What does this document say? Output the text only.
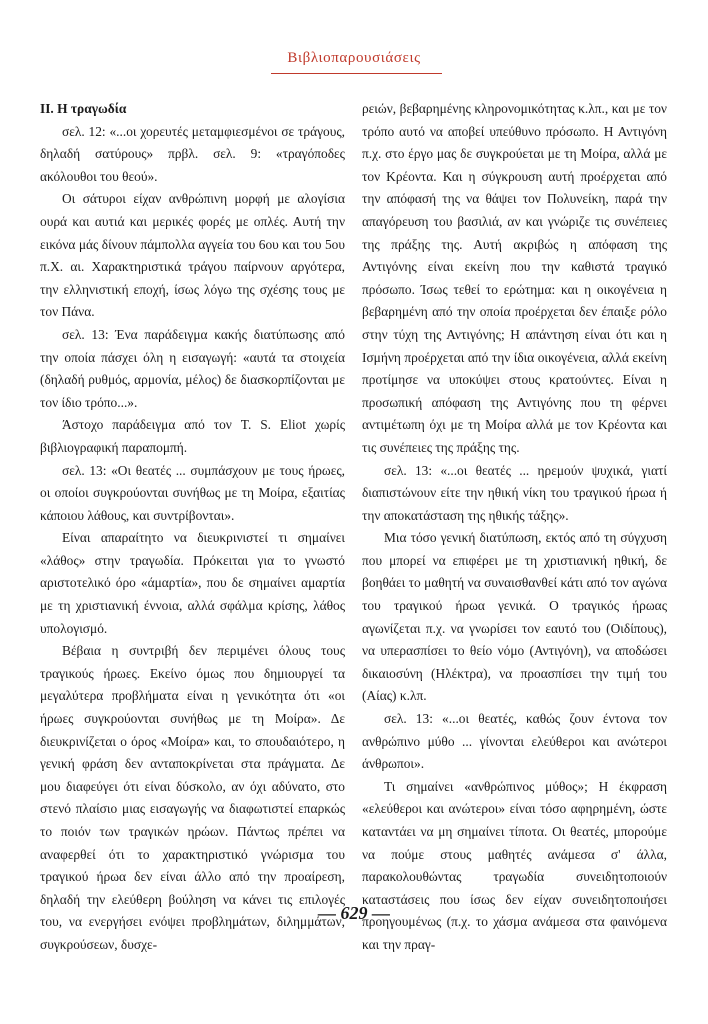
Βιβλιοπαρουσιάσεις
II. Η τραγωδία

σελ. 12: «...οι χορευτές μεταμφιεσμένοι σε τράγους, δηλαδή σατύρους» πρβλ. σελ. 9: «τραγόποδες ακόλουθοι του θεού».

Οι σάτυροι είχαν ανθρώπινη μορφή με αλογίσια ουρά και αυτιά και μερικές φορές με οπλές. Αυτή την εικόνα μάς δίνουν πάμπολλα αγγεία του 6ου και του 5ου π.Χ. αι. Χαρακτηριστικά τράγου παίρνουν αργότερα, την ελληνιστική εποχή, ίσως λόγω της σχέσης τους με τον Πάνα.

σελ. 13: Ένα παράδειγμα κακής διατύπωσης από την οποία πάσχει όλη η εισαγωγή: «αυτά τα στοιχεία (δηλαδή ρυθμός, αρμονία, μέλος) δε διασκορπίζονται με τον ίδιο τρόπο...».

Άστοχο παράδειγμα από τον T. S. Eliot χωρίς βιβλιογραφική παραπομπή.

σελ. 13: «Οι θεατές ... συμπάσχουν με τους ήρωες, οι οποίοι συγκρούονται συνήθως με τη Μοίρα, εξαιτίας κάποιου λάθους, και συντρίβονται».

Είναι απαραίτητο να διευκρινιστεί τι σημαίνει «λάθος» στην τραγωδία. Πρόκειται για το γνωστό αριστοτελικό όρο «άμαρτία», που δε σημαίνει αμαρτία με τη χριστιανική έννοια, αλλά σφάλμα κρίσης, λάθος υπολογισμό.

Βέβαια η συντριβή δεν περιμένει όλους τους τραγικούς ήρωες. Εκείνο όμως που δημιουργεί τα μεγαλύτερα προβλήματα είναι η γενικότητα ότι «οι ήρωες συγκρούονται συνήθως με τη Μοίρα». Δε διευκρινίζεται ο όρος «Μοίρα» και, το σπουδαιότερο, η γενική φράση δεν ανταποκρίνεται στα πράγματα. Δε μου διαφεύγει ότι είναι δύσκολο, αν όχι αδύνατο, στο στενό πλαίσιο μιας εισαγωγής να διαφωτιστεί επαρκώς το ποιόν των τραγικών ηρώων. Πάντως πρέπει να αναφερθεί ότι το χαρακτηριστικό γνώρισμα του τραγικού ήρωα δεν είναι άλλο από την προαίρεση, δηλαδή την ελεύθερη βούληση να κάνει τις επιλογές του, να ενεργήσει ενόψει προβλημάτων, διλημμάτων, συγκρούσεων, δυσχε-

ρειών, βεβαρημένης κληρονομικότητας κ.λπ., και με τον τρόπο αυτό να αποβεί υπεύθυνο πρόσωπο. Η Αντιγόνη π.χ. στο έργο μας δε συγκρούεται με τη Μοίρα, αλλά με τον Κρέοντα. Και η σύγκρουση αυτή προέρχεται από την απόφασή της να θάψει τον Πολυνείκη, παρά την απαγόρευση του βασιλιά, αν και γνώριζε τις συνέπειες της πράξης της. Αυτή ακριβώς η απόφαση της Αντιγόνης είναι εκείνη που την καθιστά τραγικό πρόσωπο. Ίσως τεθεί το ερώτημα: και η οικογένεια η βεβαρημένη από την οποία προέρχεται δεν έπαιξε ρόλο στην τύχη της Αντιγόνης; Η απάντηση είναι ότι και η Ισμήνη προέρχεται από την ίδια οικογένεια, αλλά εκείνη προτίμησε να υποκύψει στους κρατούντες. Είναι η προσωπική απόφαση της Αντιγόνης που τη φέρνει αντιμέτωπη όχι με τη Μοίρα αλλά με τον Κρέοντα και τις συνέπειες της πράξης της.

σελ. 13: «...οι θεατές ... ηρεμούν ψυχικά, γιατί διαπιστώνουν είτε την ηθική νίκη του τραγικού ήρωα ή την αποκατάσταση της ηθικής τάξης».

Μια τόσο γενική διατύπωση, εκτός από τη σύγχυση που μπορεί να επιφέρει με τη χριστιανική ηθική, δε βοηθάει το μαθητή να συναισθανθεί κάτι από τον αγώνα του τραγικού ήρωα γενικά. Ο τραγικός ήρωας αγωνίζεται π.χ. να γνωρίσει τον εαυτό του (Οιδίπους), να υπερασπίσει το θείο νόμο (Αντιγόνη), να αποδώσει δικαιοσύνη (Ηλέκτρα), να προασπίσει την τιμή του (Αίας) κ.λπ.

σελ. 13: «...οι θεατές, καθώς ζουν έντονα τον ανθρώπινο μύθο ... γίνονται ελεύθεροι και ανώτεροι άνθρωποι».

Τι σημαίνει «ανθρώπινος μύθος»; Η έκφραση «ελεύθεροι και ανώτεροι» είναι τόσο αφηρημένη, ώστε καταντάει να μη σημαίνει τίποτα. Οι θεατές, μπορούμε να πούμε στους μαθητές ανάμεσα σ' άλλα, παρακολουθώντας τραγωδία συνειδητοποιούν καταστάσεις που ίσως δεν είχαν συνειδητοποιήσει προηγουμένως (π.χ. το χάσμα ανάμεσα στα φαινόμενα και την πραγ-

— 629 —
